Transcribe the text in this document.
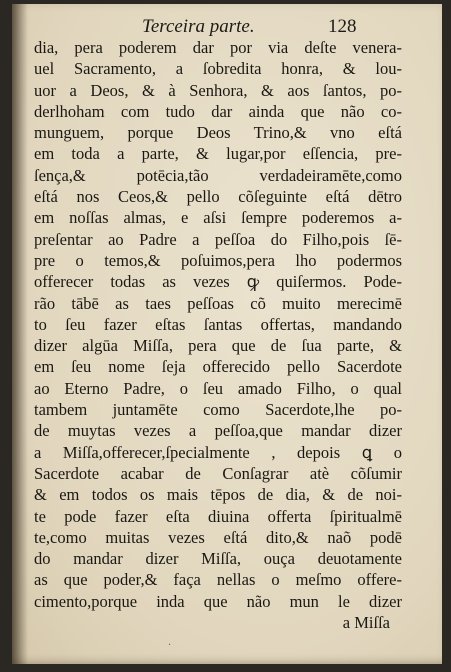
Terceira parte.	128
dia, pera poderem dar por via deſte venera-
uel Sacramento, a ſobredita honra, & lou-
uor a Deos, & à Senhora, & aos ſantos, po-
derlhoham com tudo dar ainda que não co-
munguem, porque Deos Trino,& vno eſtá
em toda a parte, & lugar,por eſſencia, pre-
ſença,& potēcia,tão verdadeiramēte,como
eſtá nos Ceos,& pello cõſeguinte eſtá dētro
em noſſas almas, e aſsi ſempre poderemos a-
preſentar ao Padre a peſſoa do Filho,pois ſē-
pre o temos,& poſuimos,pera lho podermos
offerecer todas as vezes ꝙ quiſermos. Pode-
rão tābē as taes peſſoas cõ muito merecimē
to ſeu fazer eſtas ſantas offertas, mandando
dizer algūa Miſſa, pera que de ſua parte, &
em ſeu nome ſeja offerecido pello Sacerdote
ao Eterno Padre, o ſeu amado Filho, o qual
tambem juntamēte como Sacerdote,lhe po-
de muytas vezes a peſſoa,que mandar dizer
a Miſſa,offerecer,ſpecialmente , depois ꝗ o
Sacerdote acabar de Conſagrar atè cõſumir
& em todos os mais tēpos de dia, & de noi-
te pode fazer eſta diuina offerta ſpiritualmē
te,como muitas vezes eſtá dito,& naõ podē
do mandar dizer Miſſa, ouça deuotamente
as que poder,& faça nellas o meſmo offere-
cimento,porque inda que não mun le dizer
a Miſſa
·
